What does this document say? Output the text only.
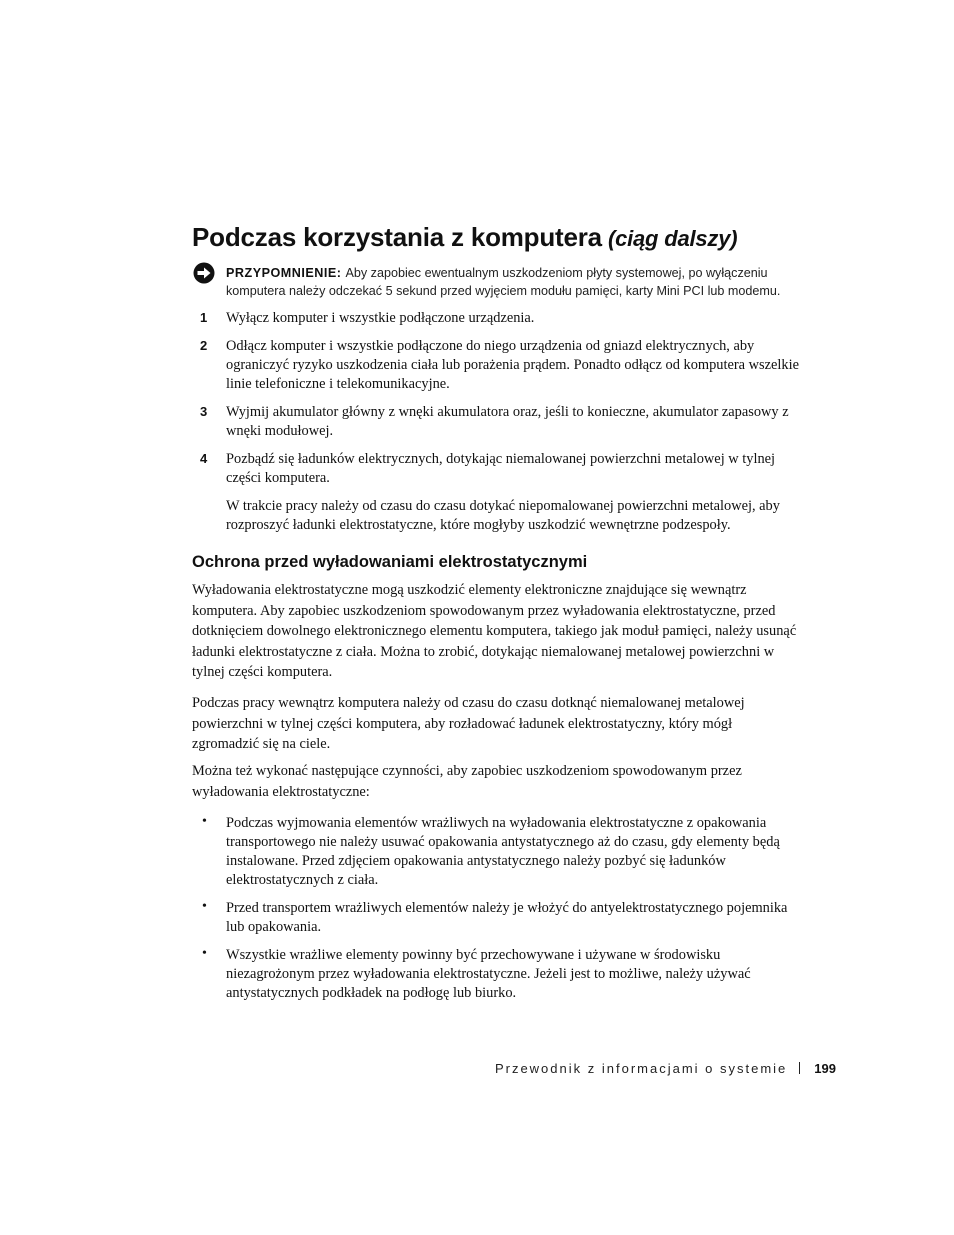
Podczas korzystania z komputera (ciąg dalszy)
PRZYPOMNIENIE: Aby zapobiec ewentualnym uszkodzeniom płyty systemowej, po wyłączeniu komputera należy odczekać 5 sekund przed wyjęciem modułu pamięci, karty Mini PCI lub modemu.
1 Wyłącz komputer i wszystkie podłączone urządzenia.
2 Odłącz komputer i wszystkie podłączone do niego urządzenia od gniazd elektrycznych, aby ograniczyć ryzyko uszkodzenia ciała lub porażenia prądem. Ponadto odłącz od komputera wszelkie linie telefoniczne i telekomunikacyjne.
3 Wyjmij akumulator główny z wnęki akumulatora oraz, jeśli to konieczne, akumulator zapasowy z wnęki modułowej.
4 Pozbądź się ładunków elektrycznych, dotykając niemalowanej powierzchni metalowej w tylnej części komputera.
W trakcie pracy należy od czasu do czasu dotykać niepomalowanej powierzchni metalowej, aby rozproszyć ładunki elektrostatyczne, które mogłyby uszkodzić wewnętrzne podzespoły.
Ochrona przed wyładowaniami elektrostatycznymi
Wyładowania elektrostatyczne mogą uszkodzić elementy elektroniczne znajdujące się wewnątrz komputera. Aby zapobiec uszkodzeniom spowodowanym przez wyładowania elektrostatyczne, przed dotknięciem dowolnego elektronicznego elementu komputera, takiego jak moduł pamięci, należy usunąć ładunki elektrostatyczne z ciała. Można to zrobić, dotykając niemalowanej metalowej powierzchni w tylnej części komputera.
Podczas pracy wewnątrz komputera należy od czasu do czasu dotknąć niemalowanej metalowej powierzchni w tylnej części komputera, aby rozładować ładunek elektrostatyczny, który mógł zgromadzić się na ciele.
Można też wykonać następujące czynności, aby zapobiec uszkodzeniom spowodowanym przez wyładowania elektrostatyczne:
• Podczas wyjmowania elementów wrażliwych na wyładowania elektrostatyczne z opakowania transportowego nie należy usuwać opakowania antystatycznego aż do czasu, gdy elementy będą instalowane. Przed zdjęciem opakowania antystatycznego należy pozbyć się ładunków elektrostatycznych z ciała.
• Przed transportem wrażliwych elementów należy je włożyć do antyelektrostatycznego pojemnika lub opakowania.
• Wszystkie wrażliwe elementy powinny być przechowywane i używane w środowisku niezagrożonym przez wyładowania elektrostatyczne. Jeżeli jest to możliwe, należy używać antystatycznych podkładek na podłogę lub biurko.
Przewodnik z informacjami o systemie 199
